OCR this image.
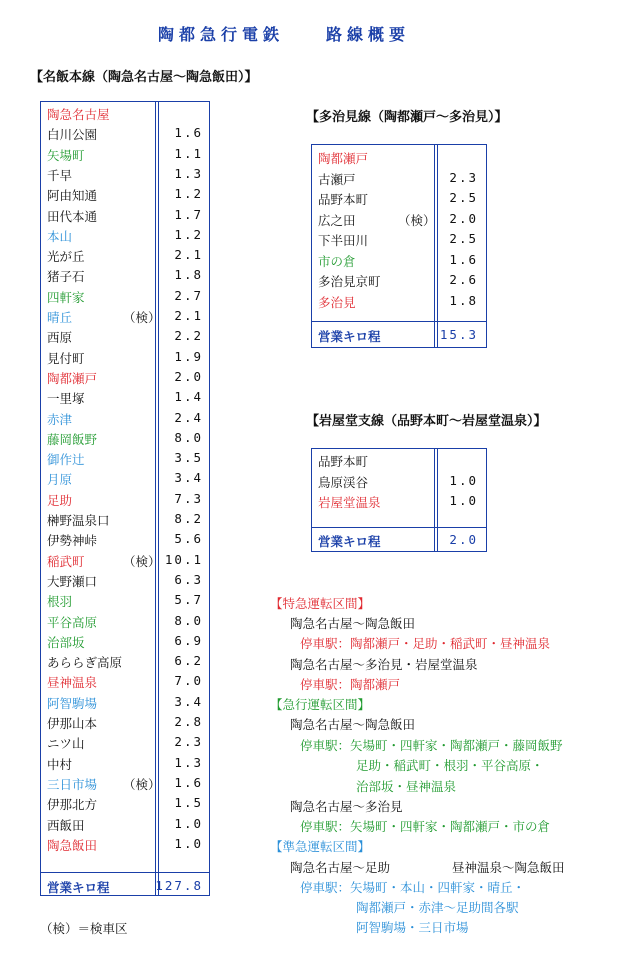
陶都急行電鉄　　路線概要
【名飯本線（陶急名古屋～陶急飯田）】
陶急名古屋
白川公園	1.6
矢場町	1.1
千早	1.3
阿由知通	1.2
田代本通	1.7
本山	1.2
光が丘	2.1
猪子石	1.8
四軒家	2.7
晴丘	（検） 2.1
西原	2.2
見付町	1.9
陶都瀬戸	2.0
一里塚	1.4
赤津	2.4
藤岡飯野	8.0
御作辻	3.5
月原	3.4
足助	7.3
榊野温泉口	8.2
伊勢神峠	5.6
稲武町	（検） 10.1
大野瀬口	6.3
根羽	5.7
平谷高原	8.0
治部坂	6.9
あららぎ高原	6.2
昼神温泉	7.0
阿智駒場	3.4
伊那山本	2.8
ニツ山	2.3
中村	1.3
三日市場 （検） 1.6
伊那北方	1.5
西飯田	1.0
陶急飯田	1.0
営業キロ程	127.8
【多治見線（陶都瀬戸～多治見）】
陶都瀬戸
古瀬戸	2.3
品野本町	2.5
広之田	（検） 2.0
下半田川	2.5
市の倉	1.6
多治見京町	2.6
多治見	1.8
営業キロ程	15.3
【岩屋堂支線（品野本町～岩屋堂温泉）】
品野本町
鳥原渓谷	1.0
岩屋堂温泉	1.0
営業キロ程	2.0
【特急運転区間】
陶急名古屋～陶急飯田
停車駅：陶都瀬戸・足助・稲武町・昼神温泉
陶急名古屋～多治見・岩屋堂温泉
停車駅：陶都瀬戸
【急行運転区間】
陶急名古屋～陶急飯田
停車駅：矢場町・四軒家・陶都瀬戸・藤岡飯野
足助・稲武町・根羽・平谷高原・
治部坂・昼神温泉
陶急名古屋～多治見
停車駅：矢場町・四軒家・陶都瀬戸・市の倉
【準急運転区間】
陶急名古屋～足助	昼神温泉～陶急飯田
停車駅：矢場町・本山・四軒家・晴丘・
陶都瀬戸・赤津～足助間各駅
阿智駒場・三日市場
（検）＝検車区
